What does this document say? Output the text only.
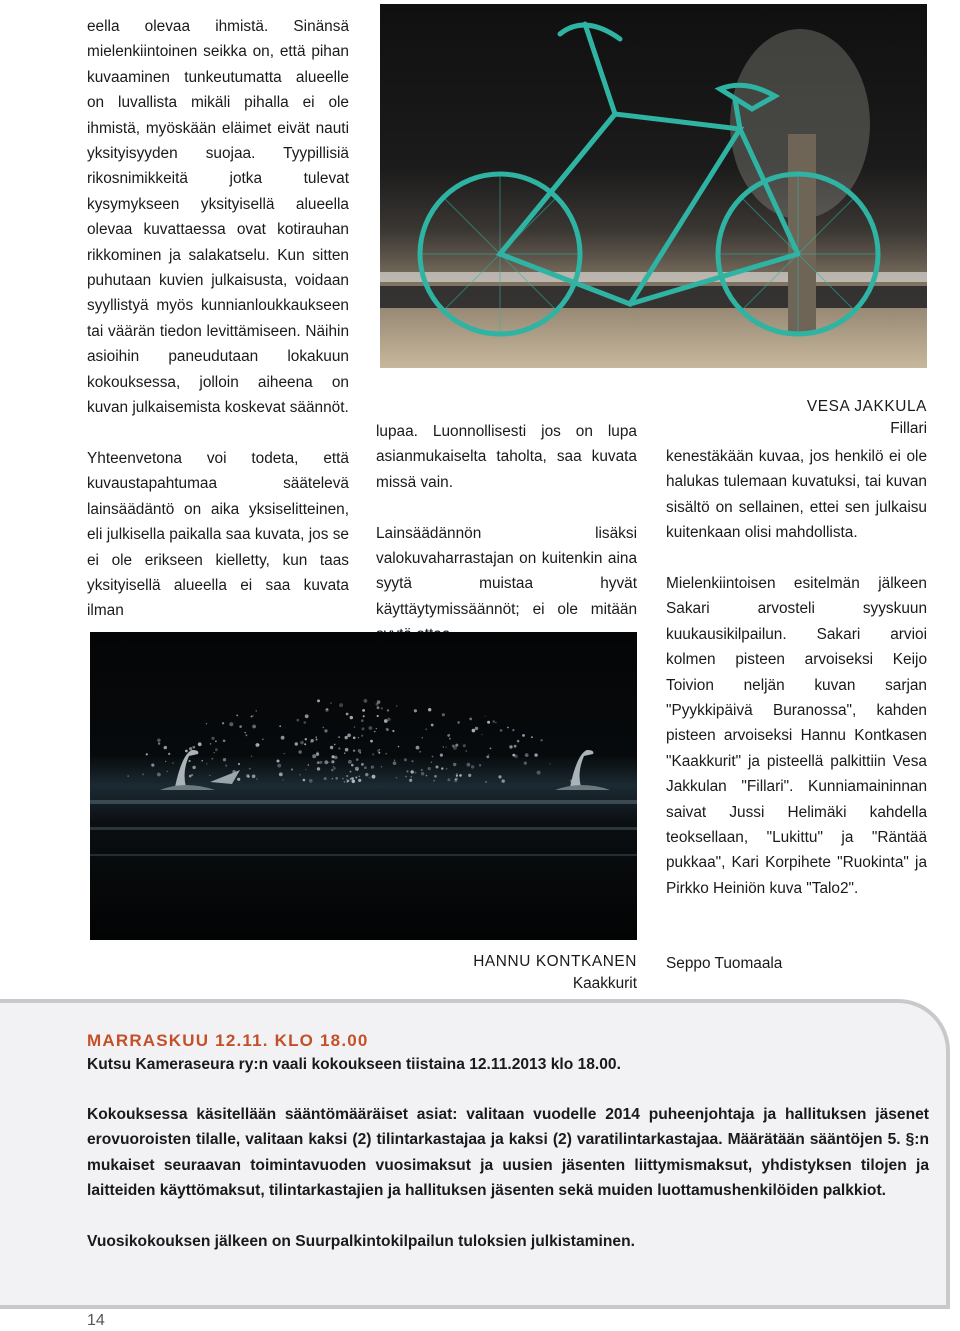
eella olevaa ihmistä. Sinänsä mielenkiintoinen seikka on, että pihan kuvaaminen tunkeutumatta alueelle on luvallista mikäli pihalla ei ole ihmistä, myöskään eläimet eivät nauti yksityisyyden suojaa. Tyypillisiä rikosnimikkeitä jotka tulevat kysymykseen yksityisellä alueella olevaa kuvattaessa ovat kotirauhan rikkominen ja salakatselu. Kun sitten puhutaan kuvien julkaisusta, voidaan syyllistyä myös kunnianloukkaukseen tai väärän tiedon levittämiseen. Näihin asioihin paneudutaan lokakuun kokouksessa, jolloin aiheena on kuvan julkaisemista koskevat säännöt.

Yhteenvetona voi todeta, että kuvaustapahtumaa säätelevä lainsäädäntö on aika yksiselitteinen, eli julkisella paikalla saa kuvata, jos se ei ole erikseen kielletty, kun taas yksityisellä alueella ei saa kuvata ilman

VESA JAKKULA
Fillari

lupaa. Luonnollisesti jos on lupa asianmukaiselta taholta, saa kuvata missä vain.

Lainsäädännön lisäksi valokuvaharrastajan on kuitenkin aina syytä muistaa hyvät käyttäytymissäännöt; ei ole mitään

kenestäkään kuvaa, jos henkilö ei ole halukas tulemaan kuvatuksi, tai kuvan sisältö on sellainen, ettei sen julkaisu kuitenkaan olisi mahdollista.

Mielenkiintoisen esitelmän jälkeen Sakari arvosteli syyskuun kuukausikilpailun. Sakari arvioi kolmen pisteen arvoiseksi Keijo Toivion neljän kuvan sarjan "Pyykkipäivä Buranossa", kahden pisteen arvoiseksi Hannu Kontkasen "Kaakkurit" ja pisteellä palkittiin Vesa Jakkulan "Fillari". Kunniamaininnan saivat Jussi Helimäki kahdella teoksellaan, "Lukittu" ja "Räntää pukkaa", Kari Korpihete "Ruokinta" ja Pirkko Heiniön kuva "Talo2".

HANNU KONTKANEN
Kaakkurit
Seppo Tuomaala

MARRASKUU 12.11. KLO 18.00

Kutsu Kameraseura ry:n vaali kokoukseen tiistaina 12.11.2013 klo 18.00.

Kokouksessa käsitellään sääntömääräiset asiat: valitaan vuodelle 2014 puheenjohtaja ja hallituksen jäsenet erovuoroisten tilalle, valitaan kaksi (2) tilintarkastajaa ja kaksi (2) varatilintarkastajaa. Määrätään sääntöjen 5. §:n mukaiset seuraavan toimintavuoden vuosimaksut ja uusien jäsenten liittymismaksut, yhdistyksen tilojen ja laitteiden käyttömaksut, tilintarkastajien ja hallituksen jäsenten sekä muiden luottamushenkilöiden palkkiot.

Vuosikokouksen jälkeen on Suurpalkintokilpailun tuloksien julkistaminen.

14
